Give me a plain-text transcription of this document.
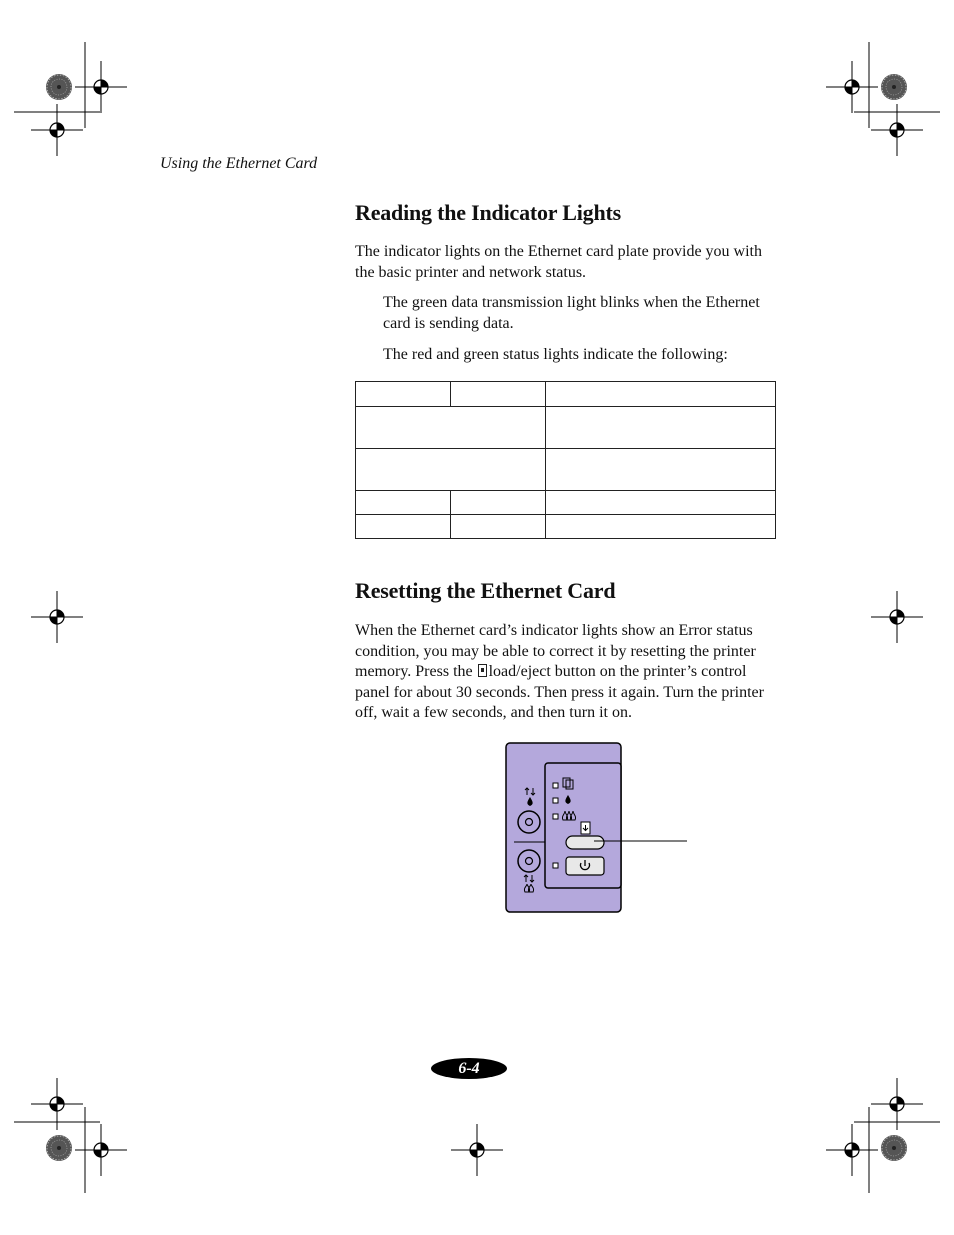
Using the Ethernet Card
Reading the Indicator Lights

The indicator lights on the Ethernet card plate provide you with the basic printer and network status.

The green data transmission light blinks when the Ethernet card is sending data.

The red and green status lights indicate the following:

Resetting the Ethernet Card

When the Ethernet card’s indicator lights show an Error status condition, you may be able to correct it by resetting the printer memory. Press the load/eject button on the printer’s control panel for about 30 seconds. Then press it again. Turn the printer off, wait a few seconds, and then turn it on.

6-4
